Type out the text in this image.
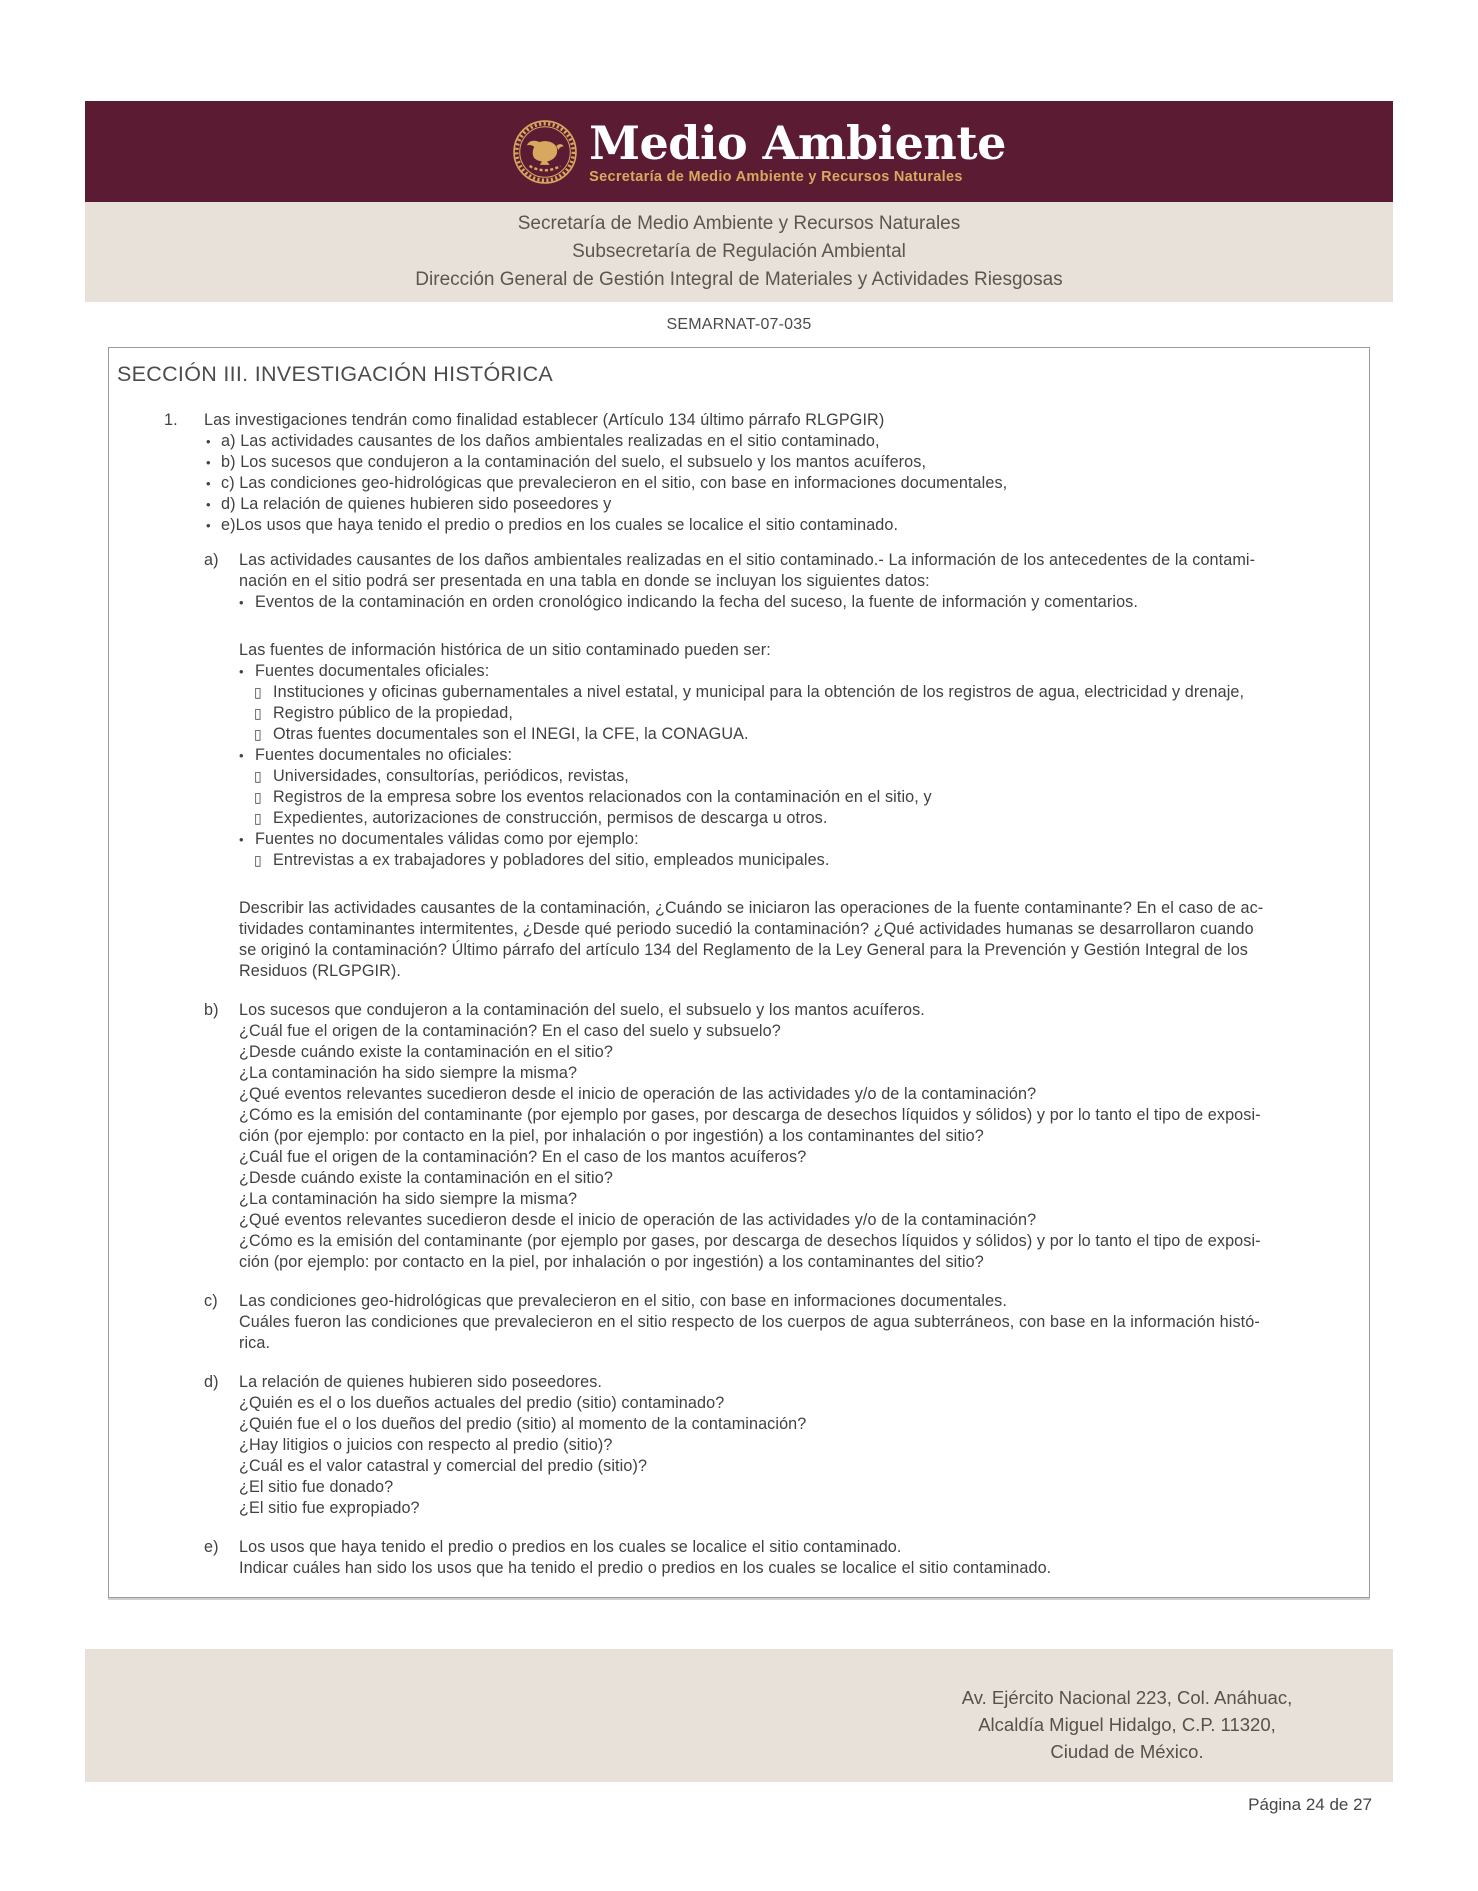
Medio Ambiente
Secretaría de Medio Ambiente y Recursos Naturales
Secretaría de Medio Ambiente y Recursos Naturales
Subsecretaría de Regulación Ambiental
Dirección General de Gestión Integral de Materiales y Actividades Riesgosas
SEMARNAT-07-035
SECCIÓN III. INVESTIGACIÓN HISTÓRICA
1.	Las investigaciones tendrán como finalidad establecer (Artículo 134 último párrafo RLGPGIR)
• a) Las actividades causantes de los daños ambientales realizadas en el sitio contaminado,
• b) Los sucesos que condujeron a la contaminación del suelo, el subsuelo y los mantos acuíferos,
• c) Las condiciones geo-hidrológicas que prevalecieron en el sitio, con base en informaciones documentales,
• d) La relación de quienes hubieren sido poseedores y
• e)Los usos que haya tenido el predio o predios en los cuales se localice el sitio contaminado.
a)	Las actividades causantes de los daños ambientales realizadas en el sitio contaminado.- La información de los antecedentes de la contami-
nación en el sitio podrá ser presentada en una tabla en donde se incluyan los siguientes datos:
• Eventos de la contaminación en orden cronológico indicando la fecha del suceso, la fuente de información y comentarios.
Las fuentes de información histórica de un sitio contaminado pueden ser:
• Fuentes documentales oficiales:
▯ Instituciones y oficinas gubernamentales a nivel estatal, y municipal para la obtención de los registros de agua, electricidad y drenaje,
▯ Registro público de la propiedad,
▯ Otras fuentes documentales son el INEGI, la CFE, la CONAGUA.
• Fuentes documentales no oficiales:
▯ Universidades, consultorías, periódicos, revistas,
▯ Registros de la empresa sobre los eventos relacionados con la contaminación en el sitio, y
▯ Expedientes, autorizaciones de construcción, permisos de descarga u otros.
• Fuentes no documentales válidas como por ejemplo:
▯ Entrevistas a ex trabajadores y pobladores del sitio, empleados municipales.
Describir las actividades causantes de la contaminación, ¿Cuándo se iniciaron las operaciones de la fuente contaminante? En el caso de ac-
tividades contaminantes intermitentes, ¿Desde qué periodo sucedió la contaminación? ¿Qué actividades humanas se desarrollaron cuando
se originó la contaminación? Último párrafo del artículo 134 del Reglamento de la Ley General para la Prevención y Gestión Integral de los
Residuos (RLGPGIR).
b)	Los sucesos que condujeron a la contaminación del suelo, el subsuelo y los mantos acuíferos.
¿Cuál fue el origen de la contaminación? En el caso del suelo y subsuelo?
¿Desde cuándo existe la contaminación en el sitio?
¿La contaminación ha sido siempre la misma?
¿Qué eventos relevantes sucedieron desde el inicio de operación de las actividades y/o de la contaminación?
¿Cómo es la emisión del contaminante (por ejemplo por gases, por descarga de desechos líquidos y sólidos) y por lo tanto el tipo de exposi-
ción (por ejemplo: por contacto en la piel, por inhalación o por ingestión) a los contaminantes del sitio?
¿Cuál fue el origen de la contaminación? En el caso de los mantos acuíferos?
¿Desde cuándo existe la contaminación en el sitio?
¿La contaminación ha sido siempre la misma?
¿Qué eventos relevantes sucedieron desde el inicio de operación de las actividades y/o de la contaminación?
¿Cómo es la emisión del contaminante (por ejemplo por gases, por descarga de desechos líquidos y sólidos) y por lo tanto el tipo de exposi-
ción (por ejemplo: por contacto en la piel, por inhalación o por ingestión) a los contaminantes del sitio?
c)	Las condiciones geo-hidrológicas que prevalecieron en el sitio, con base en informaciones documentales.
Cuáles fueron las condiciones que prevalecieron en el sitio respecto de los cuerpos de agua subterráneos, con base en la información histó-
rica.
d)	La relación de quienes hubieren sido poseedores.
¿Quién es el o los dueños actuales del predio (sitio) contaminado?
¿Quién fue el o los dueños del predio (sitio) al momento de la contaminación?
¿Hay litigios o juicios con respecto al predio (sitio)?
¿Cuál es el valor catastral y comercial del predio (sitio)?
¿El sitio fue donado?
¿El sitio fue expropiado?
e)	Los usos que haya tenido el predio o predios en los cuales se localice el sitio contaminado.
Indicar cuáles han sido los usos que ha tenido el predio o predios en los cuales se localice el sitio contaminado.
Av. Ejército Nacional 223, Col. Anáhuac,
Alcaldía Miguel Hidalgo, C.P. 11320,
Ciudad de México.
Página 24 de 27
